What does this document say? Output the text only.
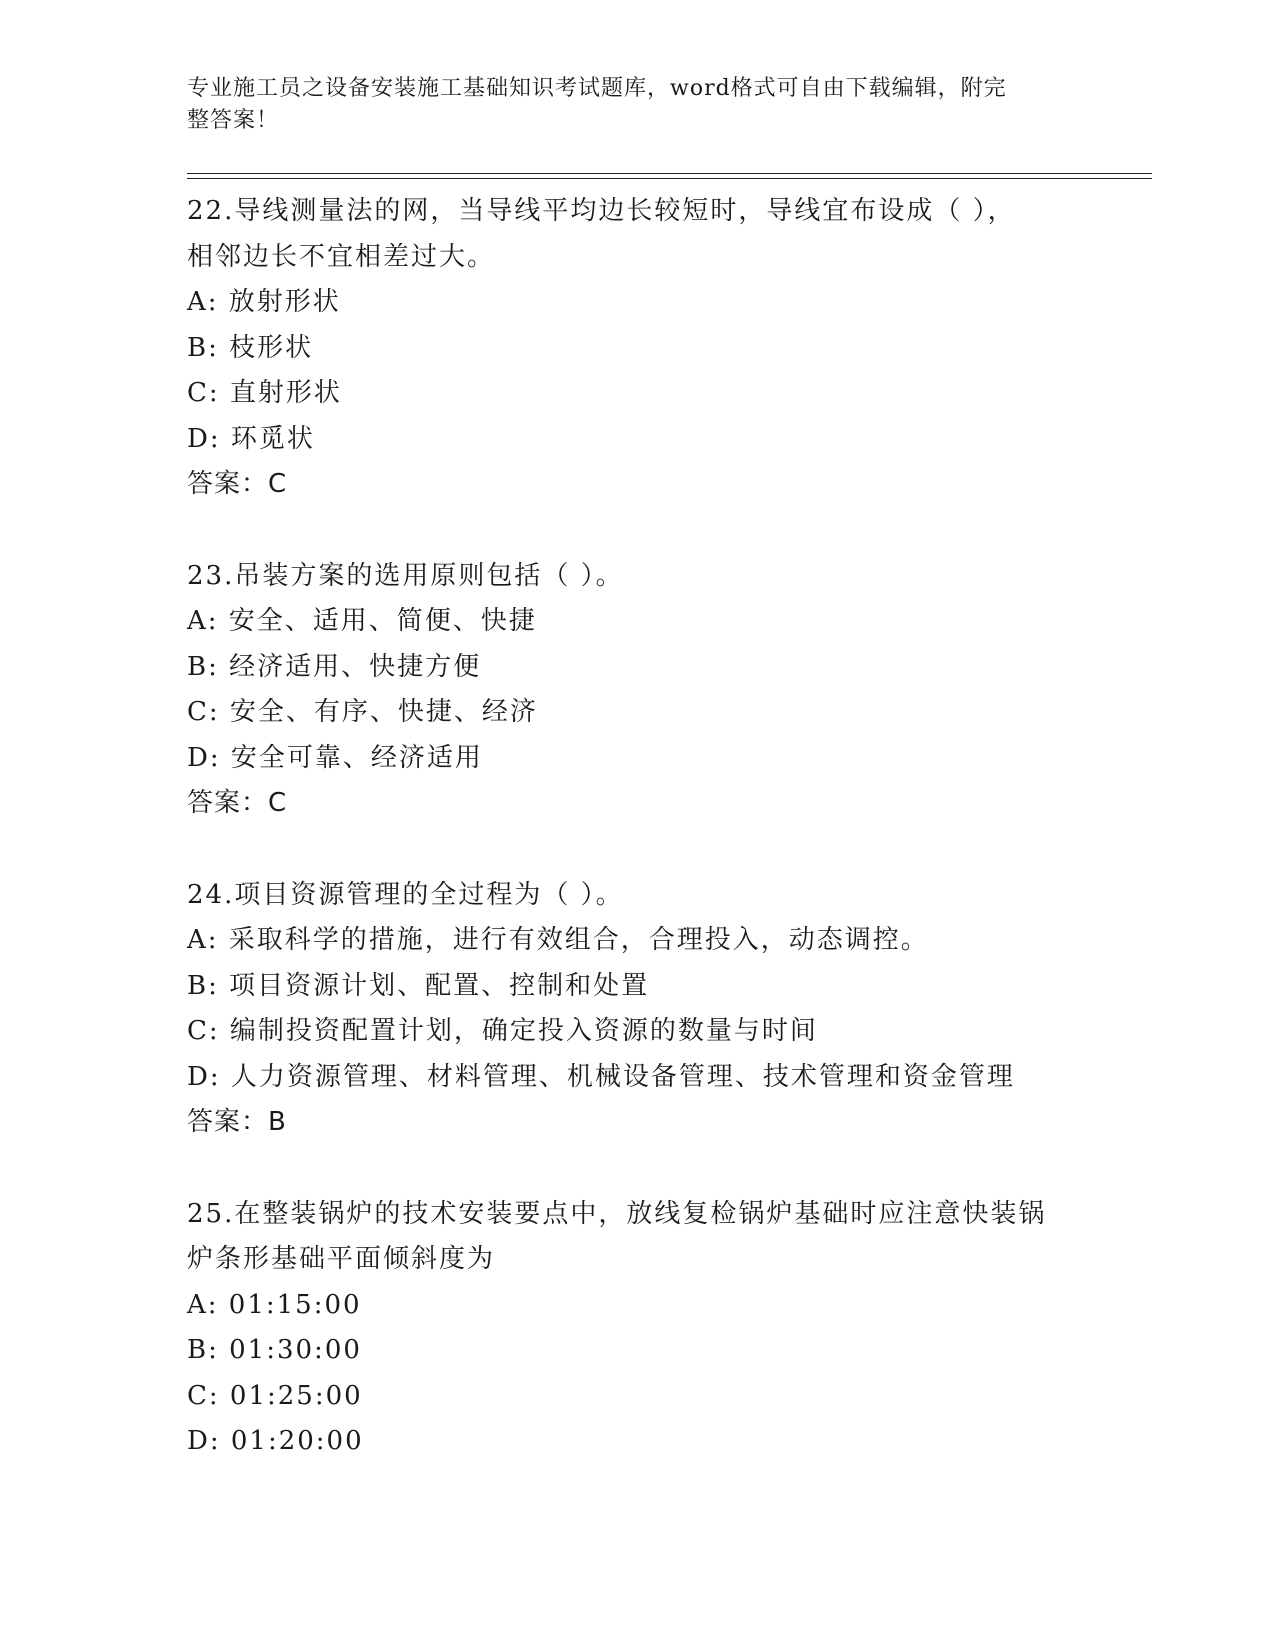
专业施工员之设备安装施工基础知识考试题库，word格式可自由下载编辑，附完
整答案！
22.导线测量法的网，当导线平均边长较短时，导线宜布设成（ ），
相邻边长不宜相差过大。
A: 放射形状
B: 枝形状
C: 直射形状
D: 环觅状
答案：C
23.吊装方案的选用原则包括（ ）。
A: 安全、适用、简便、快捷
B: 经济适用、快捷方便
C: 安全、有序、快捷、经济
D: 安全可靠、经济适用
答案：C
24.项目资源管理的全过程为（ ）。
A: 采取科学的措施，进行有效组合，合理投入，动态调控。
B: 项目资源计划、配置、控制和处置
C: 编制投资配置计划，确定投入资源的数量与时间
D: 人力资源管理、材料管理、机械设备管理、技术管理和资金管理
答案：B
25.在整装锅炉的技术安装要点中，放线复检锅炉基础时应注意快装锅
炉条形基础平面倾斜度为
A: 01:15:00
B: 01:30:00
C: 01:25:00
D: 01:20:00
